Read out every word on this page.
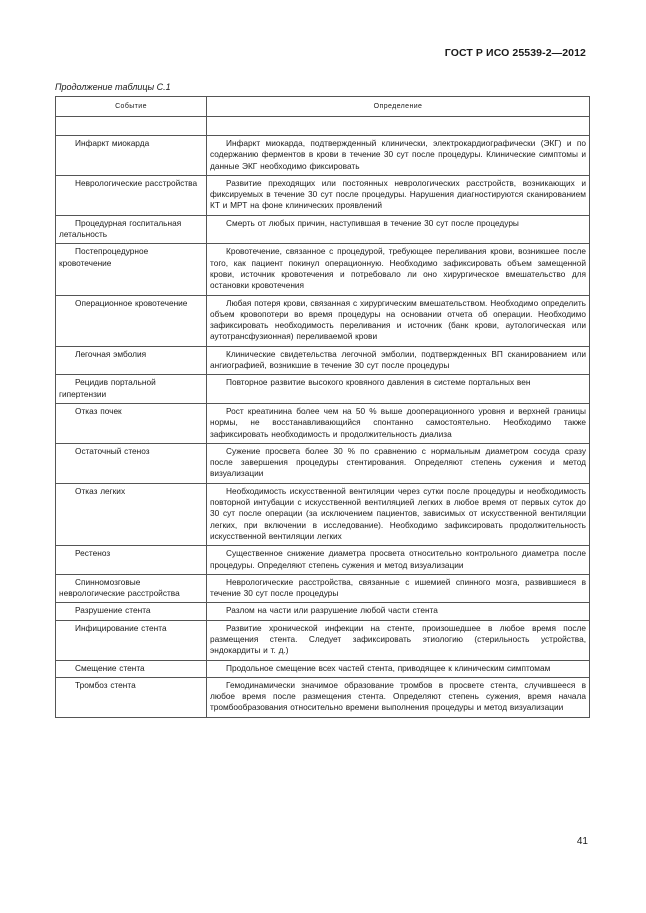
ГОСТ Р ИСО 25539-2—2012
Продолжение таблицы С.1
Событие	Определение

Инфаркт миокарда	Инфаркт миокарда, подтвержденный клинически, электрокардиографически (ЭКГ) и по содержанию ферментов в крови в течение 30 сут после процедуры. Клинические симптомы и данные ЭКГ необходимо фиксировать
Неврологические расстройства	Развитие преходящих или постоянных неврологических расстройств, возникающих и фиксируемых в течение 30 сут после процедуры. Нарушения диагностируются сканированием КТ и МРТ на фоне клинических проявлений
Процедурная госпитальная летальность	Смерть от любых причин, наступившая в течение 30 сут после процедуры
Постепроцедурное кровотечение	Кровотечение, связанное с процедурой, требующее переливания крови, возникшее после того, как пациент покинул операционную. Необходимо зафиксировать объем замещенной крови, источник кровотечения и потребовало ли оно хирургическое вмешательство для остановки кровотечения
Операционное кровотечение	Любая потеря крови, связанная с хирургическим вмешательством. Необходимо определить объем кровопотери во время процедуры на основании отчета об операции. Необходимо зафиксировать необходимость переливания и источник (банк крови, аутологическая или аутотрансфузионная) переливаемой крови
Легочная эмболия	Клинические свидетельства легочной эмболии, подтвержденных ВП сканированием или ангиографией, возникшие в течение 30 сут после процедуры
Рецидив портальной гипертензии	Повторное развитие высокого кровяного давления в системе портальных вен
Отказ почек	Рост креатинина более чем на 50 % выше дооперационного уровня и верхней границы нормы, не восстанавливающийся спонтанно самостоятельно. Необходимо также зафиксировать необходимость и продолжительность диализа
Остаточный стеноз	Сужение просвета более 30 % по сравнению с нормальным диаметром сосуда сразу после завершения процедуры стентирования. Определяют степень сужения и метод визуализации
Отказ легких	Необходимость искусственной вентиляции через сутки после процедуры и необходимость повторной интубации с искусственной вентиляцией легких в любое время от первых суток до 30 сут после операции (за исключением пациентов, зависимых от искусственной вентиляции легких, при включении в исследование). Необходимо зафиксировать продолжительность искусственной вентиляции легких
Рестеноз	Существенное снижение диаметра просвета относительно контрольного диаметра после процедуры. Определяют степень сужения и метод визуализации
Спинномозговые неврологические расстройства	Неврологические расстройства, связанные с ишемией спинного мозга, развившиеся в течение 30 сут после процедуры
Разрушение стента	Разлом на части или разрушение любой части стента
Инфицирование стента	Развитие хронической инфекции на стенте, произошедшее в любое время после размещения стента. Следует зафиксировать этиологию (стерильность устройства, эндокардиты и т. д.)
Смещение стента	Продольное смещение всех частей стента, приводящее к клиническим симптомам
Тромбоз стента	Гемодинамически значимое образование тромбов в просвете стента, случившееся в любое время после размещения стента. Определяют степень сужения, время начала тромбообразования относительно времени выполнения процедуры и метод визуализации
41
